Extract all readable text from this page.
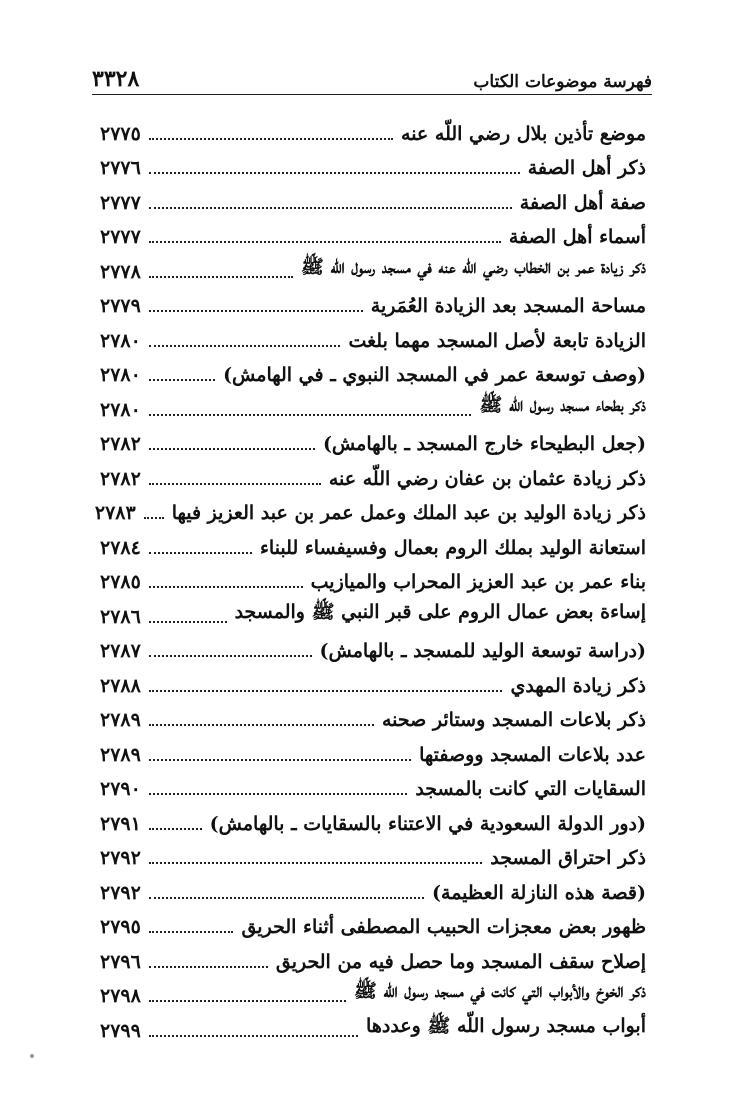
فهرسة موضوعات الكتاب
٣٣٢٨
موضع تأذين بلال رضي اللّه عنه
٢٧٧٥
ذكر أهل الصفة
٢٧٧٦
صفة أهل الصفة
٢٧٧٧
أسماء أهل الصفة
٢٧٧٧
ذكر زيادة عمر بن الخطاب رضي اللّه عنه في مسجد رسول اللّه ﷺ
٢٧٧٨
مساحة المسجد بعد الزيادة العُمَرية
٢٧٧٩
الزيادة تابعة لأصل المسجد مهما بلغت
٢٧٨٠
(وصف توسعة عمر في المسجد النبوي ـ في الهامش)
٢٧٨٠
ذكر بطحاء مسجد رسول اللّه ﷺ
٢٧٨٠
(جعل البطيحاء خارج المسجد ـ بالهامش)
٢٧٨٢
ذكر زيادة عثمان بن عفان رضي اللّه عنه
٢٧٨٢
ذكر زيادة الوليد بن عبد الملك وعمل عمر بن عبد العزيز فيها
٢٧٨٣
استعانة الوليد بملك الروم بعمال وفسيفساء للبناء
٢٧٨٤
بناء عمر بن عبد العزيز المحراب والميازيب
٢٧٨٥
إساءة بعض عمال الروم على قبر النبي ﷺ والمسجد
٢٧٨٦
(دراسة توسعة الوليد للمسجد ـ بالهامش)
٢٧٨٧
ذكر زيادة المهدي
٢٧٨٨
ذكر بلاعات المسجد وستائر صحنه
٢٧٨٩
عدد بلاعات المسجد ووصفتها
٢٧٨٩
السقايات التي كانت بالمسجد
٢٧٩٠
(دور الدولة السعودية في الاعتناء بالسقايات ـ بالهامش)
٢٧٩١
ذكر احتراق المسجد
٢٧٩٢
(قصة هذه النازلة العظيمة)
٢٧٩٢
ظهور بعض معجزات الحبيب المصطفى أثناء الحريق
٢٧٩٥
إصلاح سقف المسجد وما حصل فيه من الحريق
٢٧٩٦
ذكر الخوخ والأبواب التي كانت في مسجد رسول اللّه ﷺ
٢٧٩٨
أبواب مسجد رسول اللّه ﷺ وعددها
٢٧٩٩
